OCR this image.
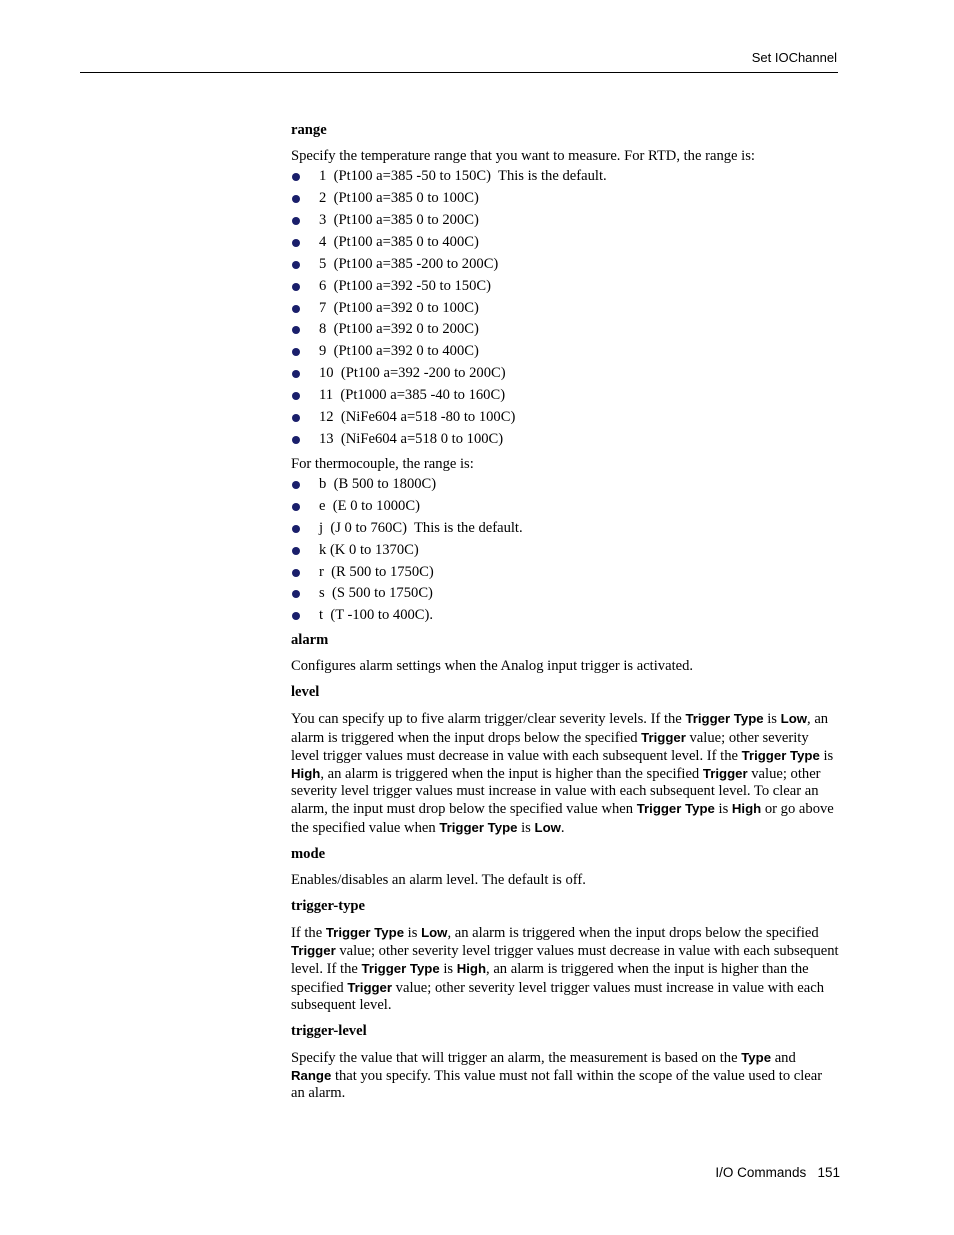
Set IOChannel
range
Specify the temperature range that you want to measure. For RTD, the range is:
1  (Pt100 a=385 -50 to 150C)  This is the default.
2  (Pt100 a=385 0 to 100C)
3  (Pt100 a=385 0 to 200C)
4  (Pt100 a=385 0 to 400C)
5  (Pt100 a=385 -200 to 200C)
6  (Pt100 a=392 -50 to 150C)
7  (Pt100 a=392 0 to 100C)
8  (Pt100 a=392 0 to 200C)
9  (Pt100 a=392 0 to 400C)
10  (Pt100 a=392 -200 to 200C)
11  (Pt1000 a=385 -40 to 160C)
12  (NiFe604 a=518 -80 to 100C)
13  (NiFe604 a=518 0 to 100C)
For thermocouple, the range is:
b  (B 500 to 1800C)
e  (E 0 to 1000C)
j  (J 0 to 760C)  This is the default.
k (K 0 to 1370C)
r  (R 500 to 1750C)
s  (S 500 to 1750C)
t  (T -100 to 400C).
alarm
Configures alarm settings when the Analog input trigger is activated.
level
You can specify up to five alarm trigger/clear severity levels. If the Trigger Type is Low, an alarm is triggered when the input drops below the specified Trigger value; other severity level trigger values must decrease in value with each subsequent level. If the Trigger Type is High, an alarm is triggered when the input is higher than the specified Trigger value; other severity level trigger values must increase in value with each subsequent level. To clear an alarm, the input must drop below the specified value when Trigger Type is High or go above the specified value when Trigger Type is Low.
mode
Enables/disables an alarm level. The default is off.
trigger-type
If the Trigger Type is Low, an alarm is triggered when the input drops below the specified Trigger value; other severity level trigger values must decrease in value with each subsequent level. If the Trigger Type is High, an alarm is triggered when the input is higher than the specified Trigger value; other severity level trigger values must increase in value with each subsequent level.
trigger-level
Specify the value that will trigger an alarm, the measurement is based on the Type and Range that you specify. This value must not fall within the scope of the value used to clear an alarm.
I/O Commands 151
